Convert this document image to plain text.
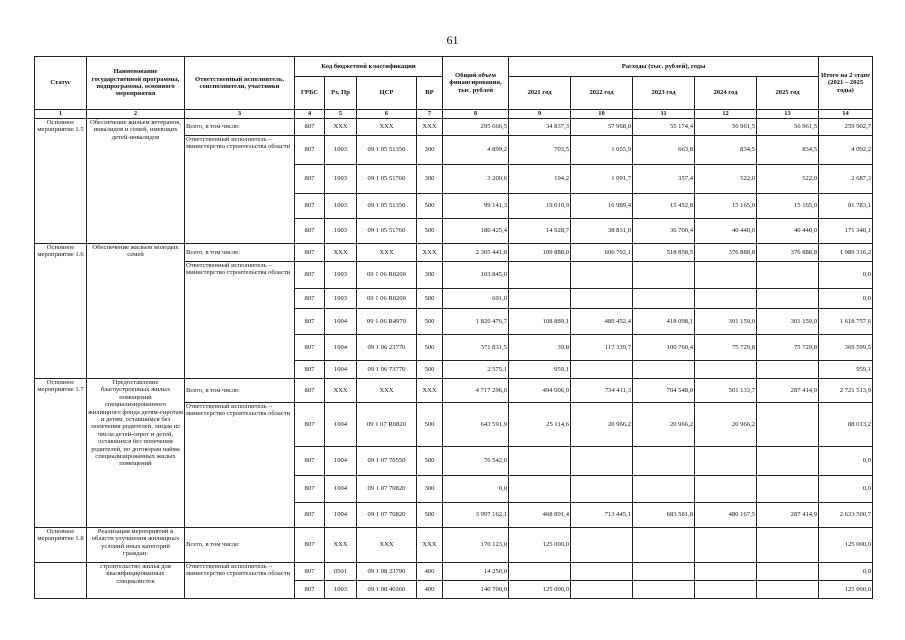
61
Статус	Наименование государственной программы, подпрограммы, основного мероприятия	Ответственный исполнитель, соисполнители, участники	Код бюджетной классификации				Общий объем финансирования, тыс. рублей	Расходы (тыс. рублей), годы					Итого на 2 этапе (2021 – 2025 годы)
			ГРБС	Рз, Пр	ЦСР	ВР		2021 год	2022 год	2023 год	2024 год	2025 год	
1	2	3	4	5	6	7	8	9	10	11	12	13	14
Основное мероприятие 1.5	Обеспечение жильем ветеранов, инвалидов и семей, имеющих детей-инвалидов	Всего, в том числе:	807	ХХХ	ХХХ	ХХХ	295 666,5	34 837,3	57 968,0	55 174,4	56 961,5	56 961,5	259 902,7
		Ответственный исполнитель – министерство строительства области	807	1003	09 1 05 51350	300	4 899,2	703,5	1 055,9	663,8	834,5	834,5	4 092,2
			807	1003	09 1 05 51760	300	3 200,6	194,2	1 091,7	357,4	522,0	522,0	2 687,3
			807	1003	09 1 05 51350	500	99 141,3	19 010,9	16 989,4	15 452,8	15 165,0	15 165,0	81 783,1
			807	1003	09 1 05 51760	500	186 425,4	14 928,7	38 831,0	36 700,4	40 440,0	40 440,0	171 340,1
Основное мероприятие 1.6	Обеспечение жильем молодых семей	Всего, в том числе:	807	ХХХ	ХХХ	ХХХ	2 305 441,6	109 888,0	606 792,1	518 858,5	376 888,8	376 888,8	1 989 316,2
		Ответственный исполнитель – министерство строительства области	807	1003	09 1 06 R0200	300	103 845,0						0,0
			807	1003	09 1 06 R0200	500	691,0						0,0
			807	1004	09 1 06 R4970	500	1 826 476,7	108 889,1	489 452,4	418 098,1	301 159,0	301 159,0	1 618 757,6
			807	1004	09 1 06 23770	500	371 831,5	39,8	117 339,7	100 760,4	75 729,8	75 729,8	369 599,5
			807	1004	09 1 06 73770	500	2 575,1	959,1					959,1
Основное мероприятие 1.7	Предоставление благоустроенных жилых помещений специализированного жилищного фонда детям-сиротам и детям, оставшимся без попечения родителей, лицам из числа детей-сирот и детей, оставшихся без попечения родителей, по договорам найма специализированных жилых помещений	Всего, в том числе:	807	ХХХ	ХХХ	ХХХ	4 717 296,0	494 006,0	734 411,3	704 548,0	501 133,7	287 414,9	2 721 513,9
		Ответственный исполнитель – министерство строительства области	807	1004	09 1 07 R0820	500	643 591,9	25 114,6	20 966,2	20 966,2	20 966,2		88 013,2
			807	1004	09 1 07 70550	500	76 542,0						0,0
			807	1004	09 1 07 70820	300	0,0						0,0
			807	1004	09 1 07 70820	500	3 997 162,1	468 891,4	713 445,1	683 581,8	480 167,5	287 414,9	2 633 500,7
Основное мероприятие 1.8	Реализация мероприятий в области улучшения жилищных условий иных категорий граждан:	Всего, в том числе:	807	ХХХ	ХХХ	ХХХ	170 123,0	125 000,0					125 000,0
	строительство жилья для квалифицированных специалистов	Ответственный исполнитель – министерство строительства области	807	0501	09 1 08 23790	400	14 250,0						0,0
			807	1003	09 1 08 40360	400	140 700,0	125 000,0					125 000,0
